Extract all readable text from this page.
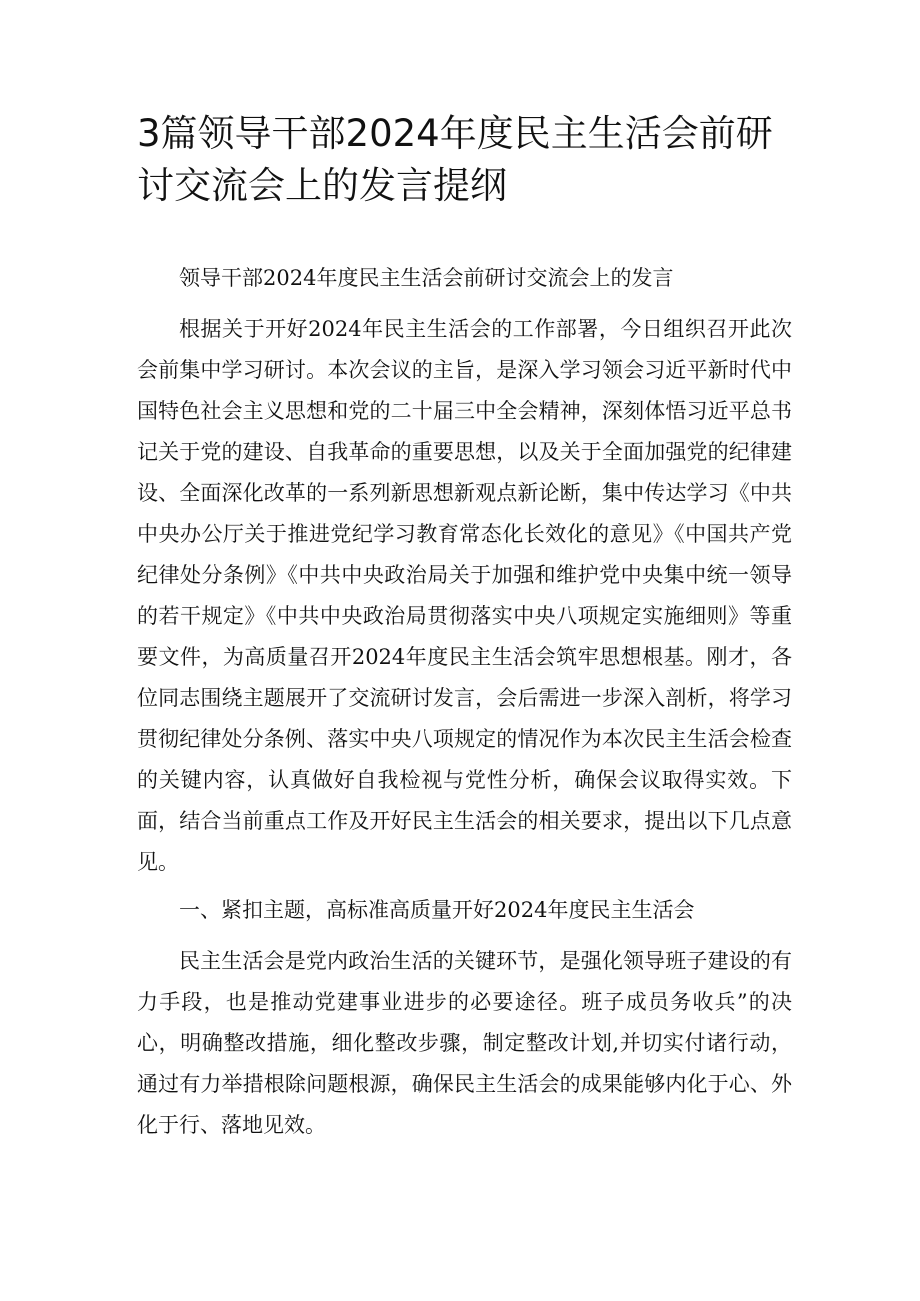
3篇领导干部2024年度民主生活会前研讨交流会上的发言提纲

领导干部2024年度民主生活会前研讨交流会上的发言

根据关于开好2024年民主生活会的工作部署，今日组织召开此次会前集中学习研讨。本次会议的主旨，是深入学习领会习近平新时代中国特色社会主义思想和党的二十届三中全会精神，深刻体悟习近平总书记关于党的建设、自我革命的重要思想，以及关于全面加强党的纪律建设、全面深化改革的一系列新思想新观点新论断，集中传达学习《中共中央办公厅关于推进党纪学习教育常态化长效化的意见》《中国共产党纪律处分条例》《中共中央政治局关于加强和维护党中央集中统一领导的若干规定》《中共中央政治局贯彻落实中央八项规定实施细则》等重要文件，为高质量召开2024年度民主生活会筑牢思想根基。刚才，各位同志围绕主题展开了交流研讨发言，会后需进一步深入剖析，将学习贯彻纪律处分条例、落实中央八项规定的情况作为本次民主生活会检查的关键内容，认真做好自我检视与党性分析，确保会议取得实效。下面，结合当前重点工作及开好民主生活会的相关要求，提出以下几点意见。

一、紧扣主题，高标准高质量开好2024年度民主生活会

民主生活会是党内政治生活的关键环节，是强化领导班子建设的有力手段，也是推动党建事业进步的必要途径。班子成员务收兵”的决心，明确整改措施，细化整改步骤，制定整改计划,并切实付诸行动，通过有力举措根除问题根源，确保民主生活会的成果能够内化于心、外化于行、落地见效。
